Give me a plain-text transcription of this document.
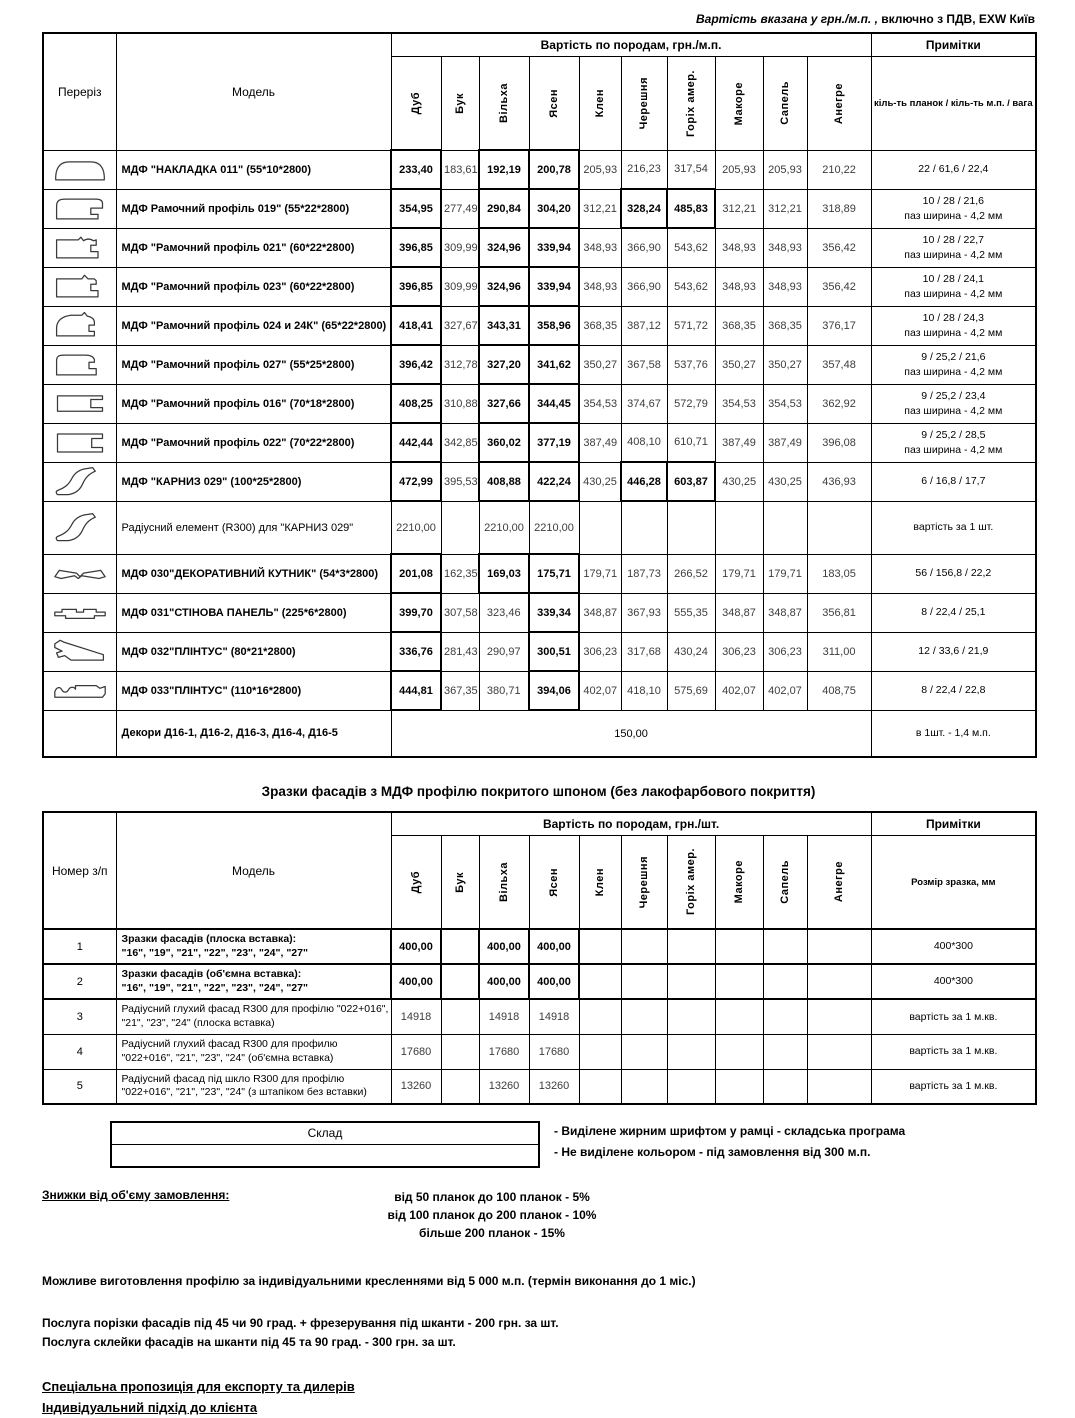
Вартість вказана у грн./м.п. , включно з ПДВ, EXW Київ
Переріз	Модель	Вартість по породам, грн./м.п.										Примітки

		Дуб	Бук	Вільха	Ясен	Клен	Черешня	Горіх амер.	Макоре	Сапель	Анегре	кіль-ть планок / кіль-ть м.п. / вага

	МДФ "НАКЛАДКА 011" (55*10*2800)	233,40	183,61	192,19	200,78	205,93	216,23	317,54	205,93	205,93	210,22	22 / 61,6 / 22,4

	МДФ Рамочний профіль 019" (55*22*2800)	354,95	277,49	290,84	304,20	312,21	328,24	485,83	312,21	312,21	318,89	10 / 28 / 21,6
паз ширина - 4,2 мм

	МДФ "Рамочний профіль 021" (60*22*2800)	396,85	309,99	324,96	339,94	348,93	366,90	543,62	348,93	348,93	356,42	10 / 28 / 22,7
паз ширина - 4,2 мм

	МДФ "Рамочний профіль 023" (60*22*2800)	396,85	309,99	324,96	339,94	348,93	366,90	543,62	348,93	348,93	356,42	10 / 28 / 24,1
паз ширина - 4,2 мм

	МДФ "Рамочний профіль 024 и 24К" (65*22*2800)	418,41	327,67	343,31	358,96	368,35	387,12	571,72	368,35	368,35	376,17	10 / 28 / 24,3
паз ширина - 4,2 мм

	МДФ "Рамочний профіль 027" (55*25*2800)	396,42	312,78	327,20	341,62	350,27	367,58	537,76	350,27	350,27	357,48	9 / 25,2 / 21,6
паз ширина - 4,2 мм

	МДФ "Рамочний профіль 016" (70*18*2800)	408,25	310,88	327,66	344,45	354,53	374,67	572,79	354,53	354,53	362,92	9 / 25,2 / 23,4
паз ширина - 4,2 мм

	МДФ "Рамочний профіль 022" (70*22*2800)	442,44	342,85	360,02	377,19	387,49	408,10	610,71	387,49	387,49	396,08	9 / 25,2 / 28,5
паз ширина - 4,2 мм

	МДФ "КАРНИЗ 029" (100*25*2800)	472,99	395,53	408,88	422,24	430,25	446,28	603,87	430,25	430,25	436,93	6 / 16,8 / 17,7

	Радіусний елемент (R300) для "КАРНИЗ 029"	2210,00		2210,00	2210,00							вартість за 1 шт.

	МДФ 030"ДЕКОРАТИВНИЙ КУТНИК" (54*3*2800)	201,08	162,35	169,03	175,71	179,71	187,73	266,52	179,71	179,71	183,05	56 / 156,8 / 22,2

	МДФ 031"СТІНОВА ПАНЕЛЬ" (225*6*2800)	399,70	307,58	323,46	339,34	348,87	367,93	555,35	348,87	348,87	356,81	8 / 22,4 / 25,1

	МДФ 032"ПЛІНТУС" (80*21*2800)	336,76	281,43	290,97	300,51	306,23	317,68	430,24	306,23	306,23	311,00	12 / 33,6 / 21,9

	МДФ 033"ПЛІНТУС" (110*16*2800)	444,81	367,35	380,71	394,06	402,07	418,10	575,69	402,07	402,07	408,75	8 / 22,4 / 22,8

	Декори Д16-1, Д16-2, Д16-3, Д16-4, Д16-5	150,00										в 1шт. - 1,4 м.п.
Зразки фасадів з МДФ профілю покритого шпоном (без лакофарбового покриття)
Номер з/п	Модель	Вартість по породам, грн./шт.										Примітки

		Дуб	Бук	Вільха	Ясен	Клен	Черешня	Горіх амер.	Макоре	Сапель	Анегре	Розмір зразка, мм
1	Зразки фасадів (плоска вставка):
"16", "19", "21", "22", "23", "24", "27"	400,00		400,00	400,00							400*300
2	Зразки фасадів (об'ємна вставка):
"16", "19", "21", "22", "23", "24", "27"	400,00		400,00	400,00							400*300
3	Радіусний глухий фасад R300 для профілю "022+016",
"21", "23", "24" (плоска вставка)	14918		14918	14918							вартість за 1 м.кв.
4	Радіусний глухий фасад R300 для профилю
"022+016", "21", "23", "24" (об'ємна вставка)	17680		17680	17680							вартість за 1 м.кв.
5	Радіусний фасад під шкло R300 для профілю
"022+016", "21", "23", "24" (з штапіком без вставки)	13260		13260	13260							вартість за 1 м.кв.
Склад	- Виділене жирним шрифтом у рамці - складська програма
- Не виділене кольором - під замовлення від 300 м.п.
Знижки від об'єму замовлення:	від 50 планок до 100 планок - 5%
від 100 планок до 200 планок - 10%
більше 200 планок - 15%

Можливе виготовлення профілю за індивідуальними кресленнями від 5 000 м.п. (термін виконання до 1 міс.)

Послуга порізки фасадів під 45 чи 90 град. + фрезерування під шканти - 200 грн. за шт.
Послуга склейки фасадів на шканти під 45 та 90 град. - 300 грн. за шт.
Спеціальна пропозиція для експорту та дилерів
Індивідуальний підхід до клієнта
